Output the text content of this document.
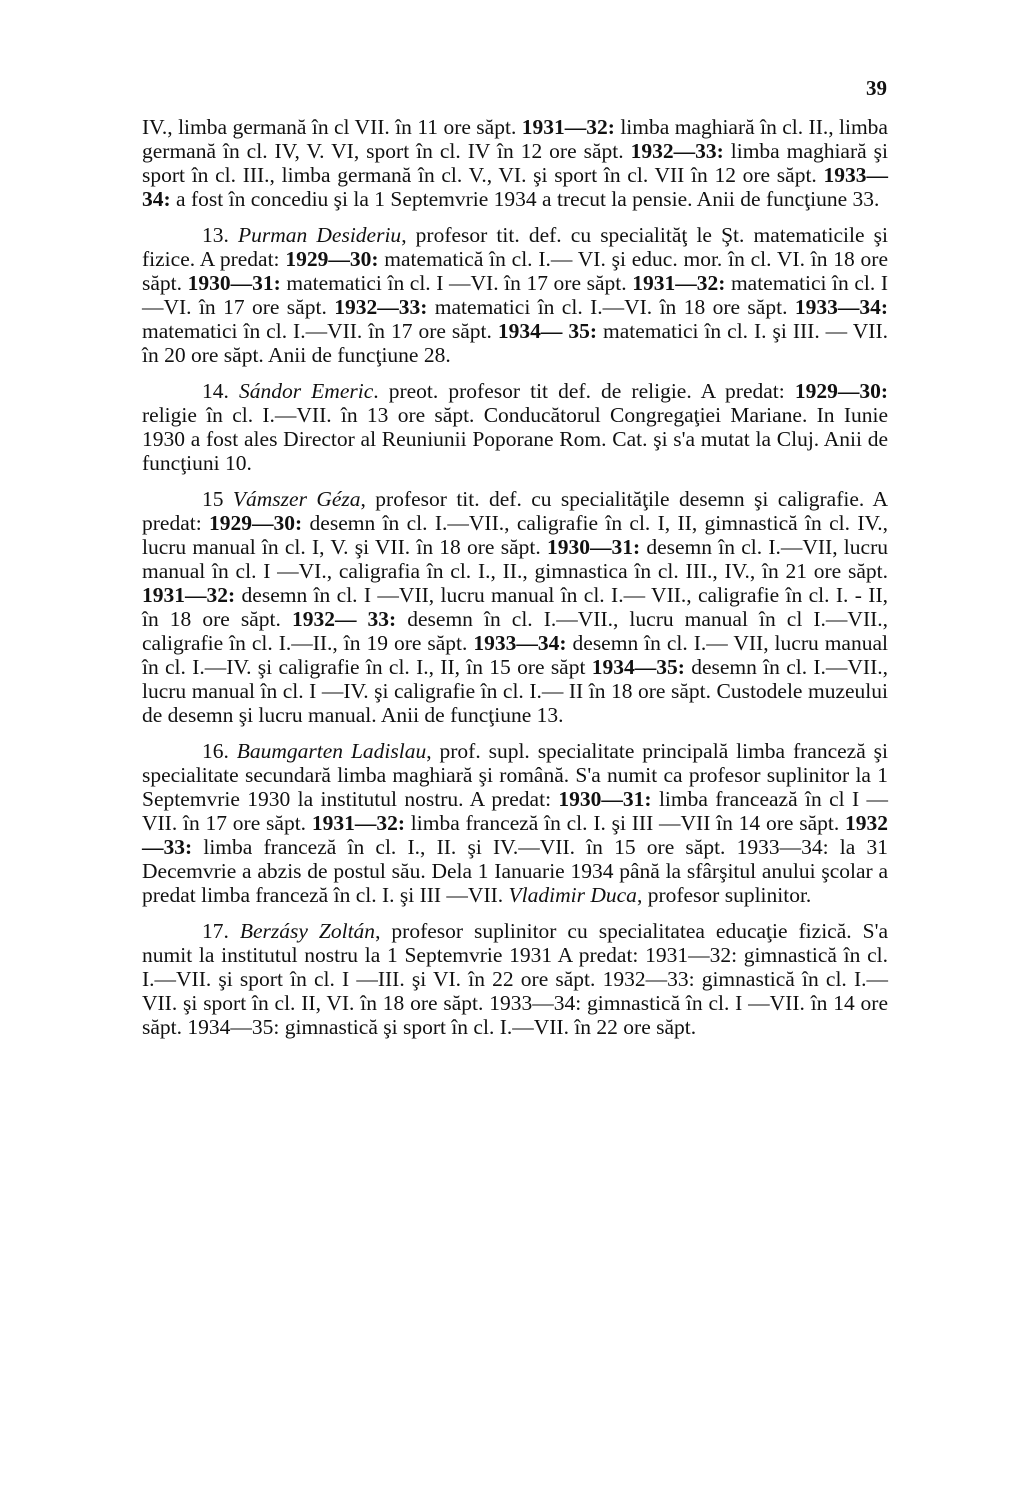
39

IV., limba germană în cl VII. în 11 ore săpt. 1931—32: limba maghiară în cl. II., limba germană în cl. IV, V. VI, sport în cl. IV în 12 ore săpt. 1932—33: limba maghiară şi sport în cl. III., limba germană în cl. V., VI. şi sport în cl. VII în 12 ore săpt. 1933—34: a fost în concediu şi la 1 Septemvrie 1934 a trecut la pensie. Anii de funcţiune 33.

13. Purman Desideriu, profesor tit. def. cu specialităţ le Şt. matematicile şi fizice. A predat: 1929—30: matematică în cl. I.— VI. şi educ. mor. în cl. VI. în 18 ore săpt. 1930—31: matematici în cl. I —VI. în 17 ore săpt. 1931—32: matematici în cl. I —VI. în 17 ore săpt. 1932—33: matematici în cl. I.—VI. în 18 ore săpt. 1933—34: matematici în cl. I.—VII. în 17 ore săpt. 1934— 35: matematici în cl. I. şi III. — VII. în 20 ore săpt. Anii de funcţiune 28.

14. Sándor Emeric. preot. profesor tit def. de religie. A predat: 1929—30: religie în cl. I.—VII. în 13 ore săpt. Conducătorul Congregaţiei Mariane. In Iunie 1930 a fost ales Director al Reuniunii Poporane Rom. Cat. şi s'a mutat la Cluj. Anii de funcţiuni 10.

15 Vámszer Géza, profesor tit. def. cu specialităţile desemn şi caligrafie. A predat: 1929—30: desemn în cl. I.—VII., caligrafie în cl. I, II, gimnastică în cl. IV., lucru manual în cl. I, V. şi VII. în 18 ore săpt. 1930—31: desemn în cl. I.—VII, lucru manual în cl. I —VI., caligrafia în cl. I., II., gimnastica în cl. III., IV., în 21 ore săpt. 1931—32: desemn în cl. I —VII, lucru manual în cl. I.— VII., caligrafie în cl. I. - II, în 18 ore săpt. 1932— 33: desemn în cl. I.—VII., lucru manual în cl I.—VII., caligrafie în cl. I.—II., în 19 ore săpt. 1933—34: desemn în cl. I.— VII, lucru manual în cl. I.—IV. şi caligrafie în cl. I., II, în 15 ore săpt 1934—35: desemn în cl. I.—VII., lucru manual în cl. I —IV. şi caligrafie în cl. I.— II în 18 ore săpt. Custodele muzeului de desemn şi lucru manual. Anii de funcţiune 13.

16. Baumgarten Ladislau, prof. supl. specialitate principală limba franceză şi specialitate secundară limba maghiară şi română. S'a numit ca profesor suplinitor la 1 Septemvrie 1930 la institutul nostru. A predat: 1930—31: limba francează în cl I —VII. în 17 ore săpt. 1931—32: limba franceză în cl. I. şi III —VII în 14 ore săpt. 1932—33: limba franceză în cl. I., II. şi IV.—VII. în 15 ore săpt. 1933—34: la 31 Decemvrie a abzis de postul său. Dela 1 Ianuarie 1934 până la sfârşitul anului şcolar a predat limba franceză în cl. I. şi III —VII. Vladimir Duca, profesor suplinitor.

17. Berzásy Zoltán, profesor suplinitor cu specialitatea educaţie fizică. S'a numit la institutul nostru la 1 Septemvrie 1931 A predat: 1931—32: gimnastică în cl. I.—VII. şi sport în cl. I —III. şi VI. în 22 ore săpt. 1932—33: gimnastică în cl. I.—VII. şi sport în cl. II, VI. în 18 ore săpt. 1933—34: gimnastică în cl. I —VII. în 14 ore săpt. 1934—35: gimnastică şi sport în cl. I.—VII. în 22 ore săpt.
